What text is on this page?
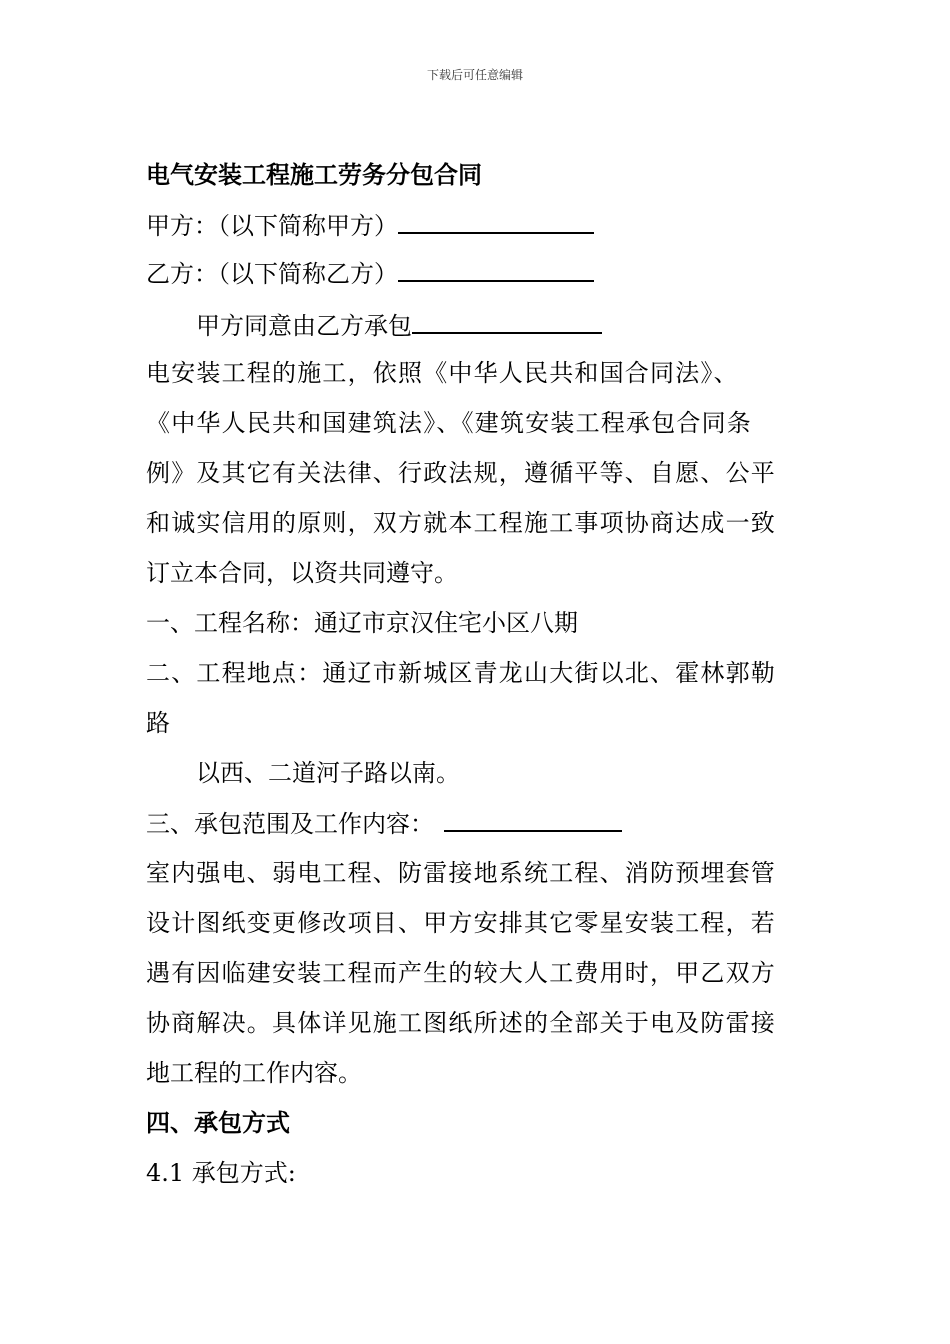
下载后可任意编辑
电气安装工程施工劳务分包合同
甲方：（以下简称甲方）
乙方：（以下简称乙方）
甲方同意由乙方承包
电安装工程的施工，依照《中华人民共和国合同法》、
《中华人民共和国建筑法》、《建筑安装工程承包合同条
例》及其它有关法律、行政法规，遵循平等、自愿、公平
和诚实信用的原则，双方就本工程施工事项协商达成一致
订立本合同，以资共同遵守。
一、工程名称：通辽市京汉住宅小区八期
二、工程地点：通辽市新城区青龙山大街以北、霍林郭勒
路
以西、二道河子路以南。
三、承包范围及工作内容：
室内强电、弱电工程、防雷接地系统工程、消防预埋套管
设计图纸变更修改项目、甲方安排其它零星安装工程，若
遇有因临建安装工程而产生的较大人工费用时，甲乙双方
协商解决。具体详见施工图纸所述的全部关于电及防雷接
地工程的工作内容。
四、承包方式
4.1 承包方式:
